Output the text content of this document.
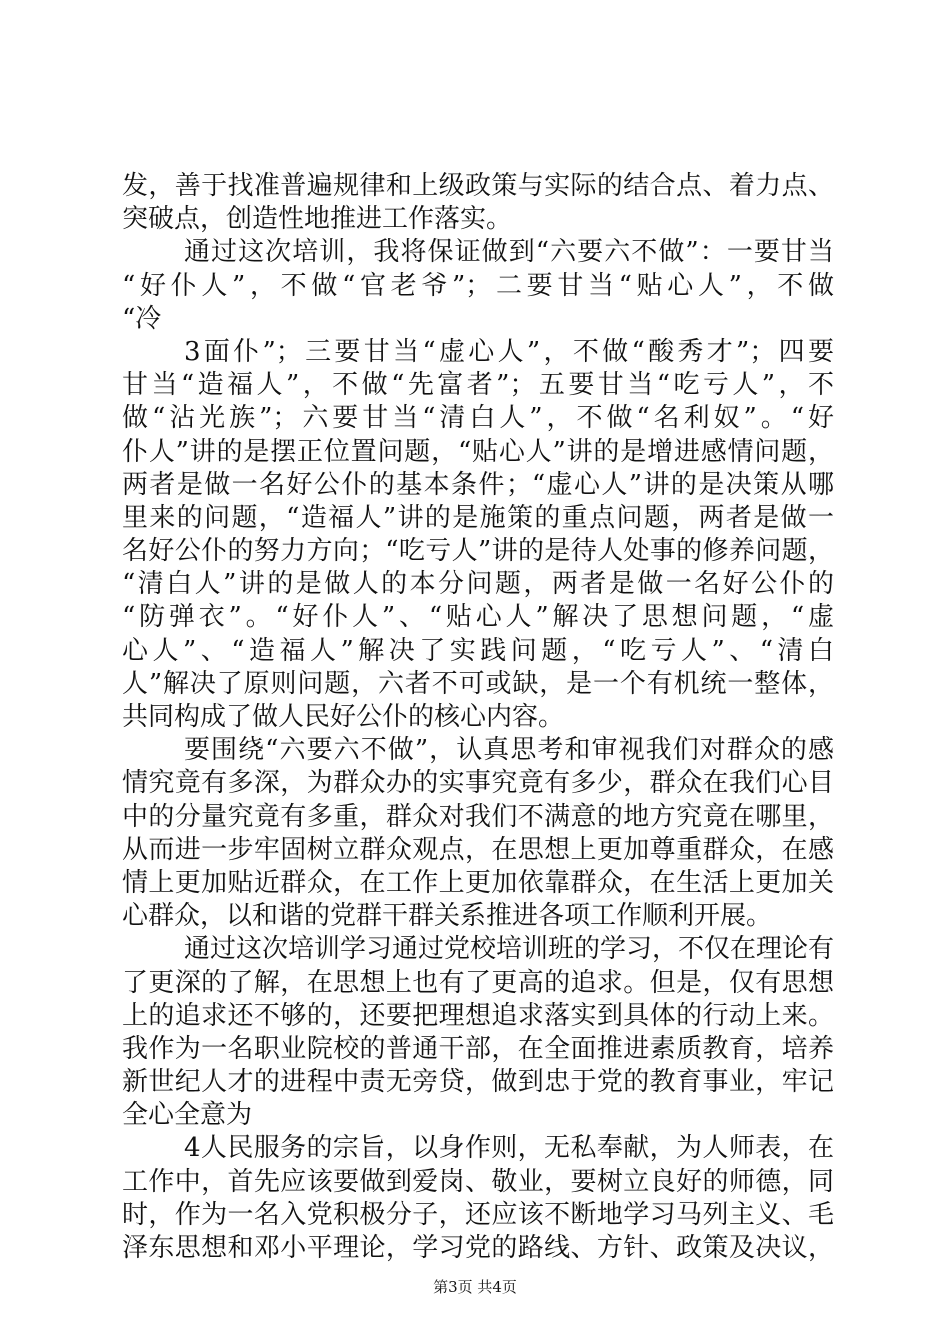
发，善于找准普遍规律和上级政策与实际的结合点、着力点、
突破点，创造性地推进工作落实。
通过这次培训，我将保证做到“六要六不做”：一要甘当
“好仆人”，不做“官老爷”；二要甘当“贴心人”，不做
“冷
3面仆”；三要甘当“虚心人”，不做“酸秀才”；四要
甘当“造福人”，不做“先富者”；五要甘当“吃亏人”，不
做“沾光族”；六要甘当“清白人”，不做“名利奴”。“好
仆人”讲的是摆正位置问题，“贴心人”讲的是增进感情问题，
两者是做一名好公仆的基本条件；“虚心人”讲的是决策从哪
里来的问题，“造福人”讲的是施策的重点问题，两者是做一
名好公仆的努力方向；“吃亏人”讲的是待人处事的修养问题，
“清白人”讲的是做人的本分问题，两者是做一名好公仆的
“防弹衣”。“好仆人”、“贴心人”解决了思想问题，“虚
心人”、“造福人”解决了实践问题，“吃亏人”、“清白
人”解决了原则问题，六者不可或缺，是一个有机统一整体，
共同构成了做人民好公仆的核心内容。
要围绕“六要六不做”，认真思考和审视我们对群众的感
情究竟有多深，为群众办的实事究竟有多少，群众在我们心目
中的分量究竟有多重，群众对我们不满意的地方究竟在哪里，
从而进一步牢固树立群众观点，在思想上更加尊重群众，在感
情上更加贴近群众，在工作上更加依靠群众，在生活上更加关
心群众，以和谐的党群干群关系推进各项工作顺利开展。
通过这次培训学习通过党校培训班的学习，不仅在理论有
了更深的了解，在思想上也有了更高的追求。但是，仅有思想
上的追求还不够的，还要把理想追求落实到具体的行动上来。
我作为一名职业院校的普通干部，在全面推进素质教育，培养
新世纪人才的进程中责无旁贷，做到忠于党的教育事业，牢记
全心全意为
4人民服务的宗旨，以身作则，无私奉献，为人师表，在
工作中，首先应该要做到爱岗、敬业，要树立良好的师德，同
时，作为一名入党积极分子，还应该不断地学习马列主义、毛
泽东思想和邓小平理论，学习党的路线、方针、政策及决议，
第3页 共4页
